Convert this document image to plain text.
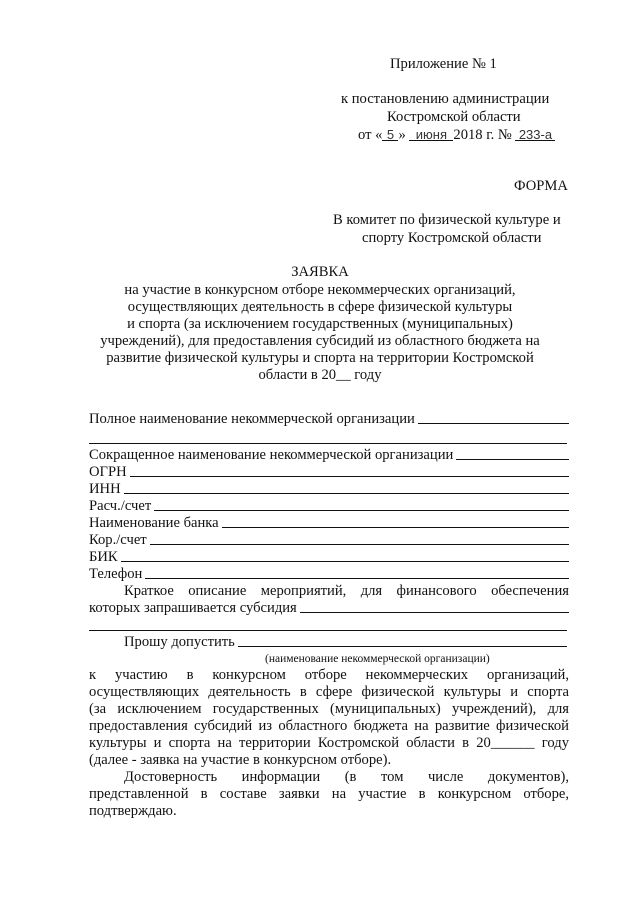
Приложение № 1
к постановлению администрации
Костромской области
от « 5 » июня 2018 г. № 233-а
ФОРМА
В комитет по физической культуре и
спорту Костромской области
ЗАЯВКА
на участие в конкурсном отборе некоммерческих организаций,
осуществляющих деятельность в сфере физической культуры
и спорта (за исключением государственных (муниципальных)
учреждений), для предоставления субсидий из областного бюджета на
развитие физической культуры и спорта на территории Костромской
области в 20__ году
Полное наименование некоммерческой организации
Сокращенное наименование некоммерческой организации
ОГРН
ИНН
Расч./счет
Наименование банка
Кор./счет
БИК
Телефон
Краткое описание мероприятий, для финансового обеспечения
которых запрашивается субсидия
Прошу допустить
(наименование некоммерческой организации)
к участию в конкурсном отборе некоммерческих организаций,
осуществляющих деятельность в сфере физической культуры и спорта
(за исключением государственных (муниципальных) учреждений), для
предоставления субсидий из областного бюджета на развитие физической
культуры и спорта на территории Костромской области в 20______ году
(далее - заявка на участие в конкурсном отборе).
Достоверность информации (в том числе документов),
представленной в составе заявки на участие в конкурсном отборе,
подтверждаю.
